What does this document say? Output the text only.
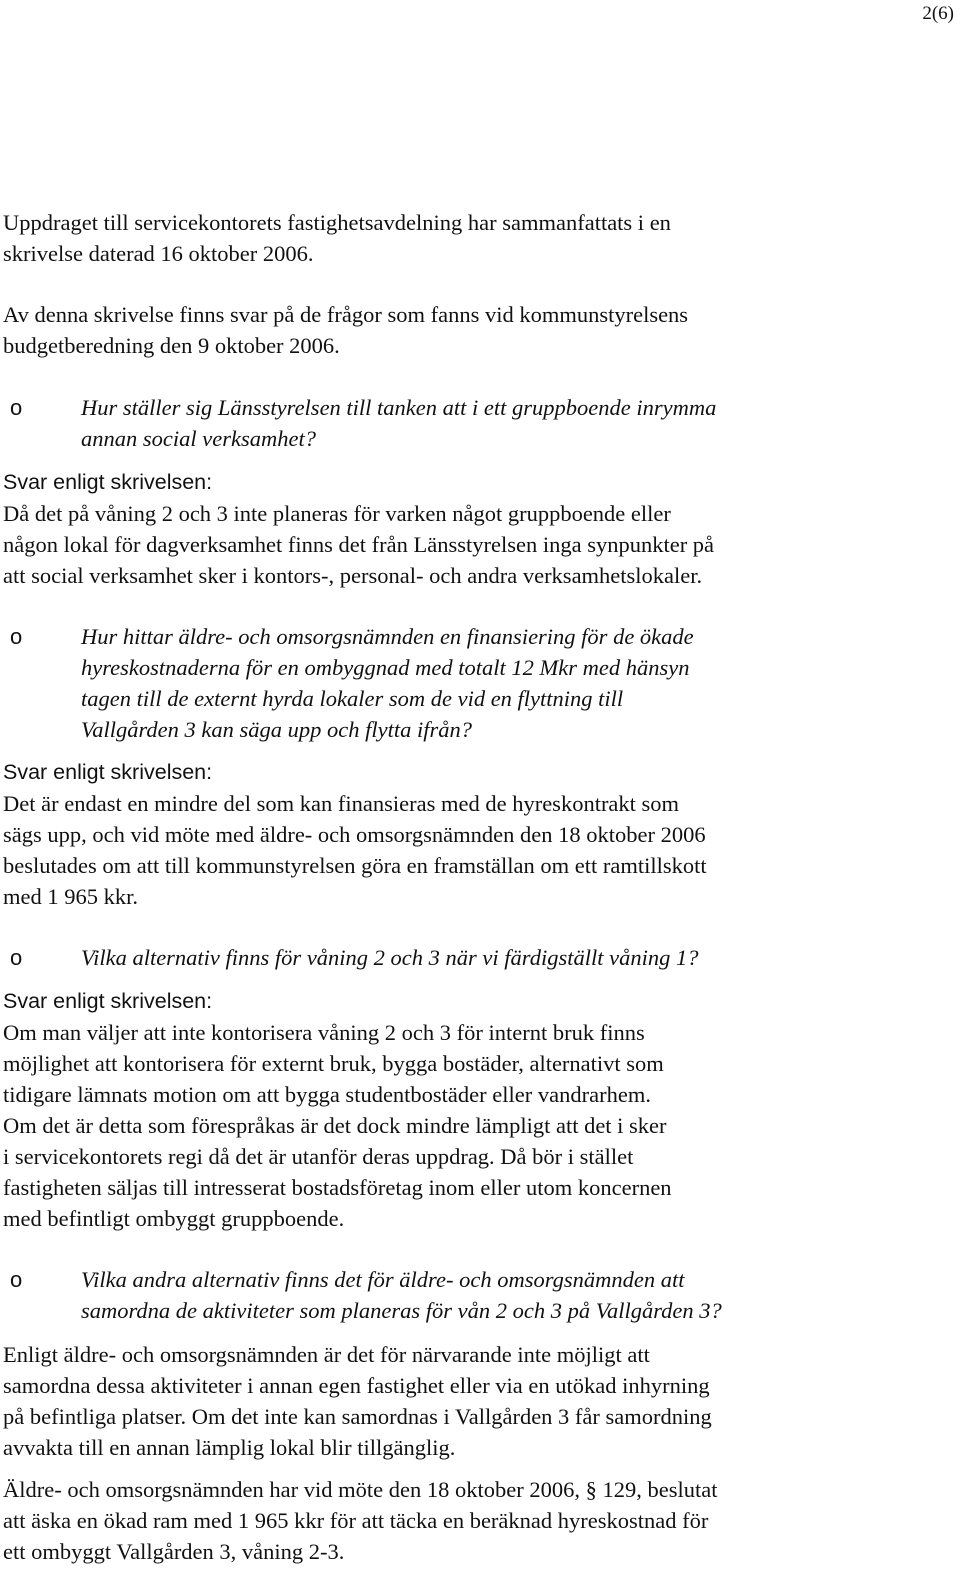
2(6)

Uppdraget till servicekontorets fastighetsavdelning har sammanfattats i en
skrivelse daterad 16 oktober 2006.

Av denna skrivelse finns svar på de frågor som fanns vid kommunstyrelsens
budgetberedning den 9 oktober 2006.

o	Hur ställer sig Länsstyrelsen till tanken att i ett gruppboende inrymma
annan social verksamhet?

Svar enligt skrivelsen:

Då det på våning 2 och 3 inte planeras för varken något gruppboende eller
någon lokal för dagverksamhet finns det från Länsstyrelsen inga synpunkter på
att social verksamhet sker i kontors-, personal- och andra verksamhetslokaler.

o	Hur hittar äldre- och omsorgsnämnden en finansiering för de ökade
hyreskostnaderna för en ombyggnad med totalt 12 Mkr med hänsyn
tagen till de externt hyrda lokaler som de vid en flyttning till
Vallgården 3 kan säga upp och flytta ifrån?

Svar enligt skrivelsen:

Det är endast en mindre del som kan finansieras med de hyreskontrakt som
sägs upp, och vid möte med äldre- och omsorgsnämnden den 18 oktober 2006
beslutades om att till kommunstyrelsen göra en framställan om ett ramtillskott
med 1 965 kkr.

o	Vilka alternativ finns för våning 2 och 3 när vi färdigställt våning 1?

Svar enligt skrivelsen:

Om man väljer att inte kontorisera våning 2 och 3 för internt bruk finns
möjlighet att kontorisera för externt bruk, bygga bostäder, alternativt som
tidigare lämnats motion om att bygga studentbostäder eller vandrarhem.
Om det är detta som förespråkas är det dock mindre lämpligt att det i sker
i servicekontorets regi då det är utanför deras uppdrag. Då bör i stället
fastigheten säljas till intresserat bostadsföretag inom eller utom koncernen
med befintligt ombyggt gruppboende.

o	Vilka andra alternativ finns det för äldre- och omsorgsnämnden att
samordna de aktiviteter som planeras för vån 2 och 3 på Vallgården 3?

Enligt äldre- och omsorgsnämnden är det för närvarande inte möjligt att
samordna dessa aktiviteter i annan egen fastighet eller via en utökad inhyrning
på befintliga platser. Om det inte kan samordnas i Vallgården 3 får samordning
avvakta till en annan lämplig lokal blir tillgänglig.

Äldre- och omsorgsnämnden har vid möte den 18 oktober 2006, § 129, beslutat
att äska en ökad ram med 1 965 kkr för att täcka en beräknad hyreskostnad för
ett ombyggt Vallgården 3, våning 2-3.
